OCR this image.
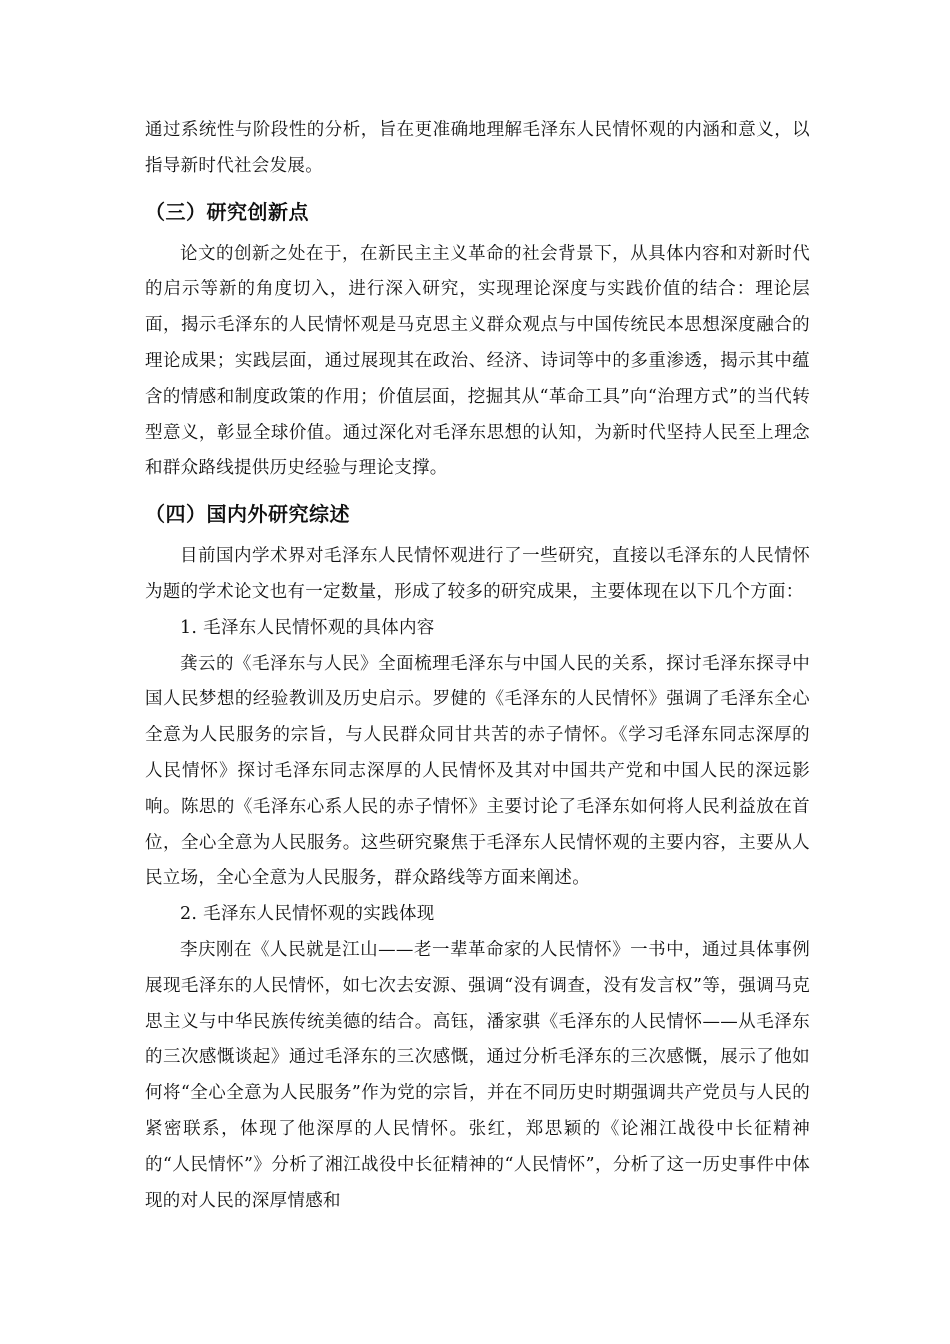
通过系统性与阶段性的分析，旨在更准确地理解毛泽东人民情怀观的内涵和意义，以指导新时代社会发展。

（三）研究创新点

论文的创新之处在于，在新民主主义革命的社会背景下，从具体内容和对新时代的启示等新的角度切入，进行深入研究，实现理论深度与实践价值的结合：理论层面，揭示毛泽东的人民情怀观是马克思主义群众观点与中国传统民本思想深度融合的理论成果；实践层面，通过展现其在政治、经济、诗词等中的多重渗透，揭示其中蕴含的情感和制度政策的作用；价值层面，挖掘其从“革命工具”向“治理方式”的当代转型意义，彰显全球价值。通过深化对毛泽东思想的认知，为新时代坚持人民至上理念和群众路线提供历史经验与理论支撑。

（四）国内外研究综述

目前国内学术界对毛泽东人民情怀观进行了一些研究，直接以毛泽东的人民情怀为题的学术论文也有一定数量，形成了较多的研究成果，主要体现在以下几个方面：

1. 毛泽东人民情怀观的具体内容

龚云的《毛泽东与人民》全面梳理毛泽东与中国人民的关系，探讨毛泽东探寻中国人民梦想的经验教训及历史启示。罗健的《毛泽东的人民情怀》强调了毛泽东全心全意为人民服务的宗旨，与人民群众同甘共苦的赤子情怀。《学习毛泽东同志深厚的人民情怀》探讨毛泽东同志深厚的人民情怀及其对中国共产党和中国人民的深远影响。陈思的《毛泽东心系人民的赤子情怀》主要讨论了毛泽东如何将人民利益放在首位，全心全意为人民服务。这些研究聚焦于毛泽东人民情怀观的主要内容，主要从人民立场，全心全意为人民服务，群众路线等方面来阐述。

2. 毛泽东人民情怀观的实践体现

李庆刚在《人民就是江山——老一辈革命家的人民情怀》一书中，通过具体事例展现毛泽东的人民情怀，如七次去安源、强调“没有调查，没有发言权”等，强调马克思主义与中华民族传统美德的结合。高钰，潘家骐《毛泽东的人民情怀——从毛泽东的三次感慨谈起》通过毛泽东的三次感慨，通过分析毛泽东的三次感慨，展示了他如何将“全心全意为人民服务”作为党的宗旨，并在不同历史时期强调共产党员与人民的紧密联系，体现了他深厚的人民情怀。张红，郑思颖的《论湘江战役中长征精神的“人民情怀”》分析了湘江战役中长征精神的“人民情怀”，分析了这一历史事件中体现的对人民的深厚情感和
